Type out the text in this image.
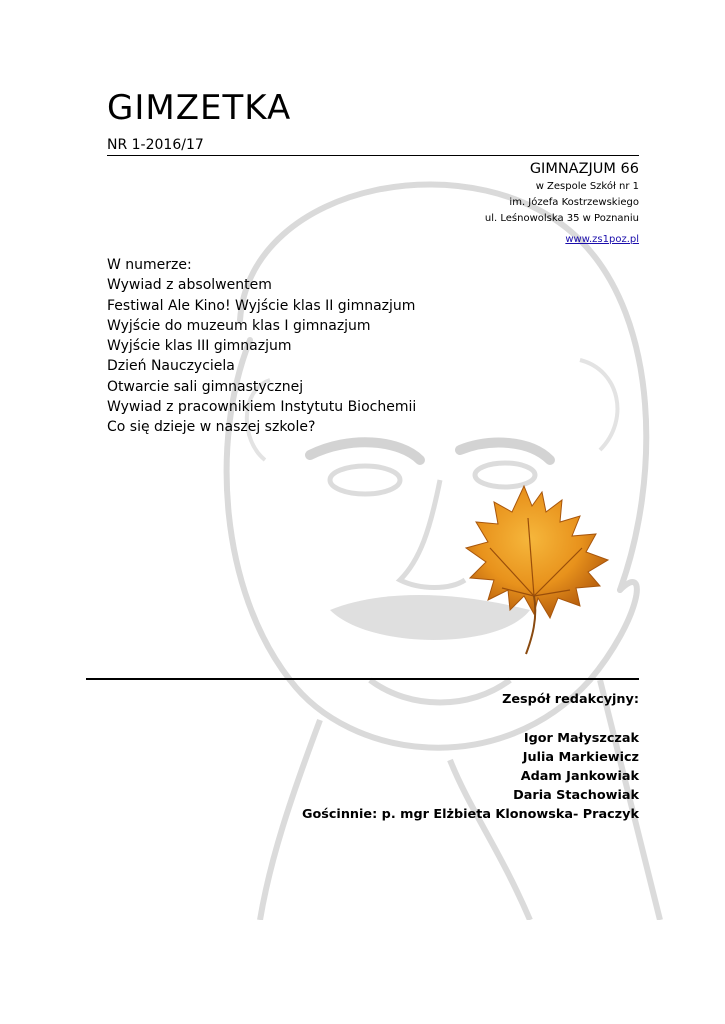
GIMZETKA
NR 1-2016/17
GIMNAZJUM 66
w Zespole Szkół nr 1
im. Józefa Kostrzewskiego
ul. Leśnowolska 35 w Poznaniu
www.zs1poz.pl
W numerze:
Wywiad z absolwentem
Festiwal Ale Kino! Wyjście klas II gimnazjum
Wyjście do muzeum klas I gimnazjum
Wyjście klas III gimnazjum
Dzień Nauczyciela
Otwarcie sali gimnastycznej
Wywiad z pracownikiem Instytutu Biochemii
Co się dzieje w naszej szkole?
Zespół redakcyjny:
Igor Małyszczak
Julia Markiewicz
Adam Jankowiak
Daria Stachowiak
Gościnnie: p. mgr Elżbieta Klonowska- Praczyk
